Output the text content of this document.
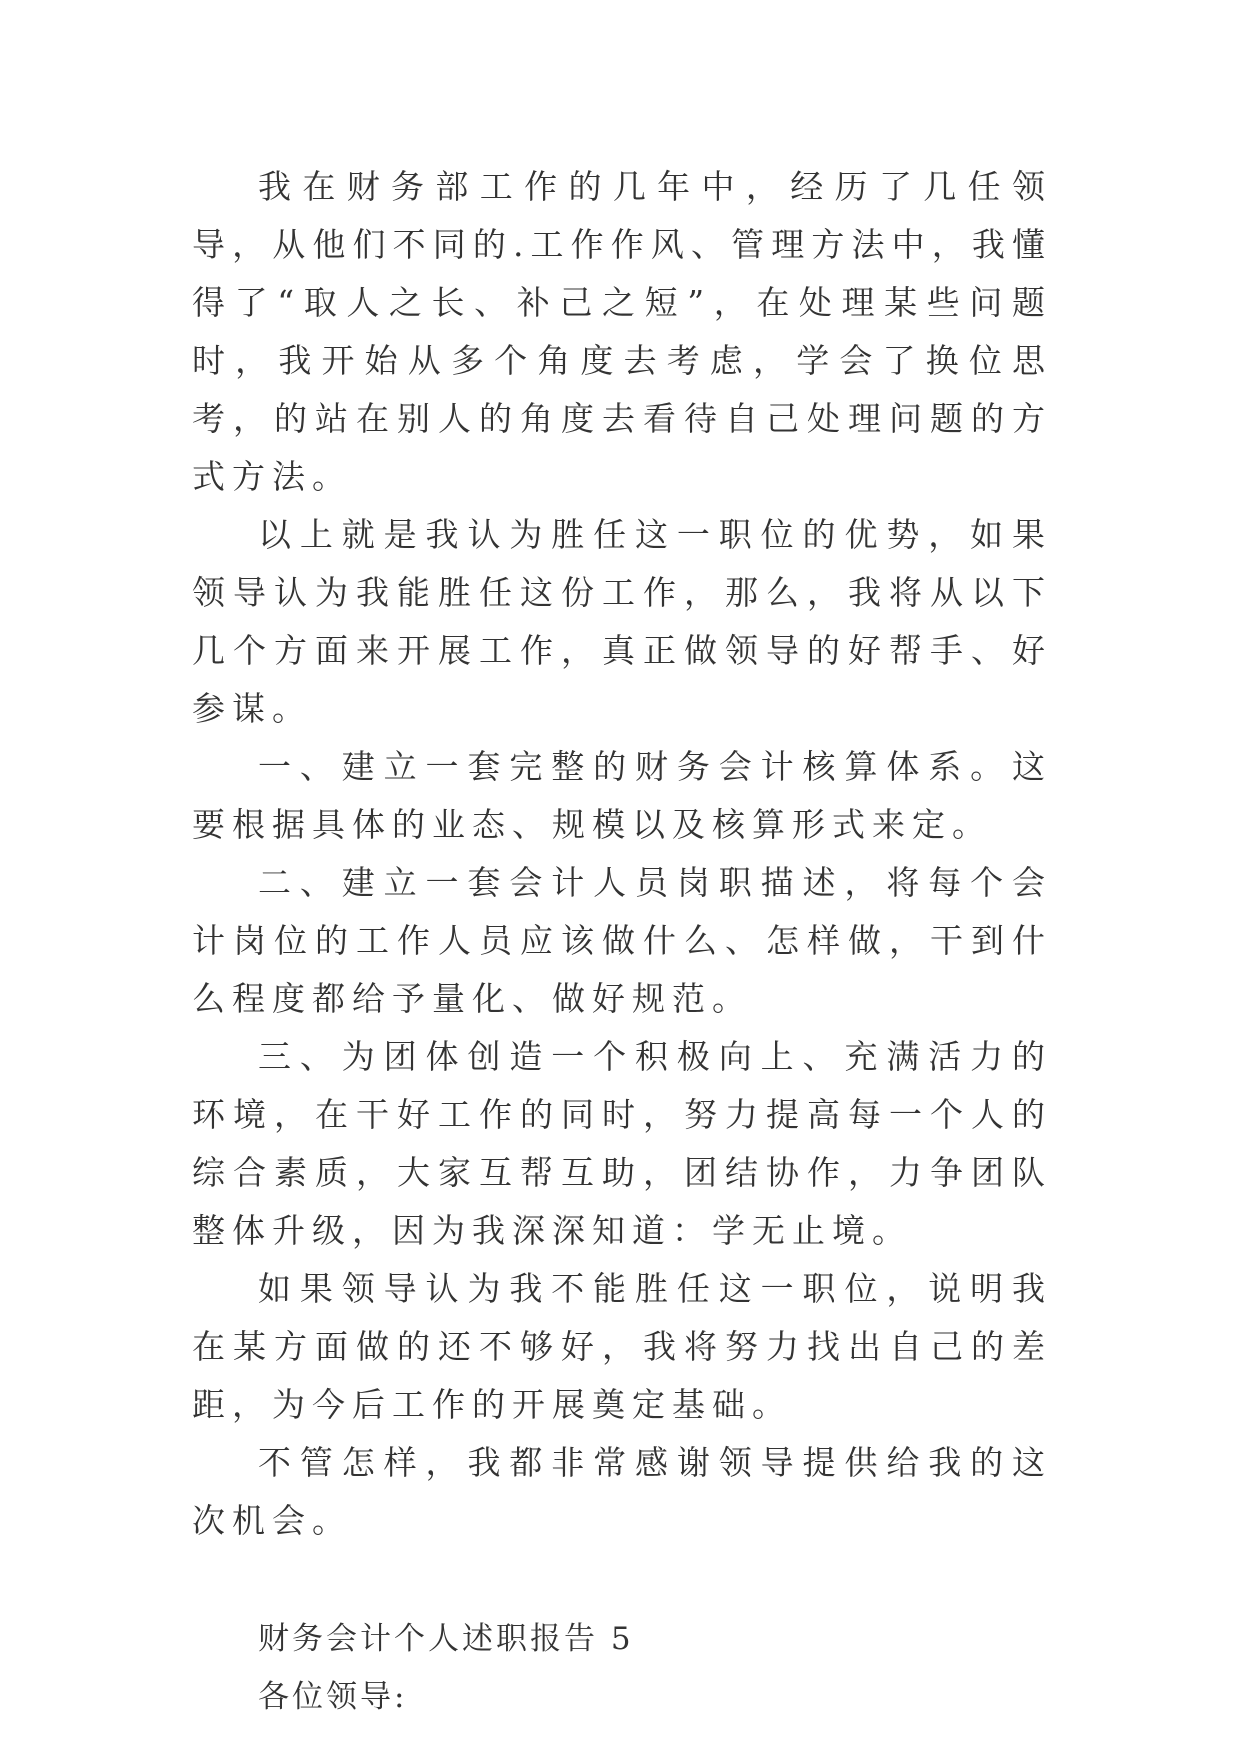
我在财务部工作的几年中，经历了几任领导，从他们不同的.工作作风、管理方法中，我懂得了“取人之长、补己之短”，在处理某些问题时，我开始从多个角度去考虑，学会了换位思考，的站在别人的角度去看待自己处理问题的方式方法。

以上就是我认为胜任这一职位的优势，如果领导认为我能胜任这份工作，那么，我将从以下几个方面来开展工作，真正做领导的好帮手、好参谋。

一、建立一套完整的财务会计核算体系。这要根据具体的业态、规模以及核算形式来定。

二、建立一套会计人员岗职描述，将每个会计岗位的工作人员应该做什么、怎样做，干到什么程度都给予量化、做好规范。

三、为团体创造一个积极向上、充满活力的环境，在干好工作的同时，努力提高每一个人的综合素质，大家互帮互助，团结协作，力争团队整体升级，因为我深深知道：学无止境。

如果领导认为我不能胜任这一职位，说明我在某方面做的还不够好，我将努力找出自己的差距，为今后工作的开展奠定基础。

不管怎样，我都非常感谢领导提供给我的这次机会。

财务会计个人述职报告 5

各位领导:
